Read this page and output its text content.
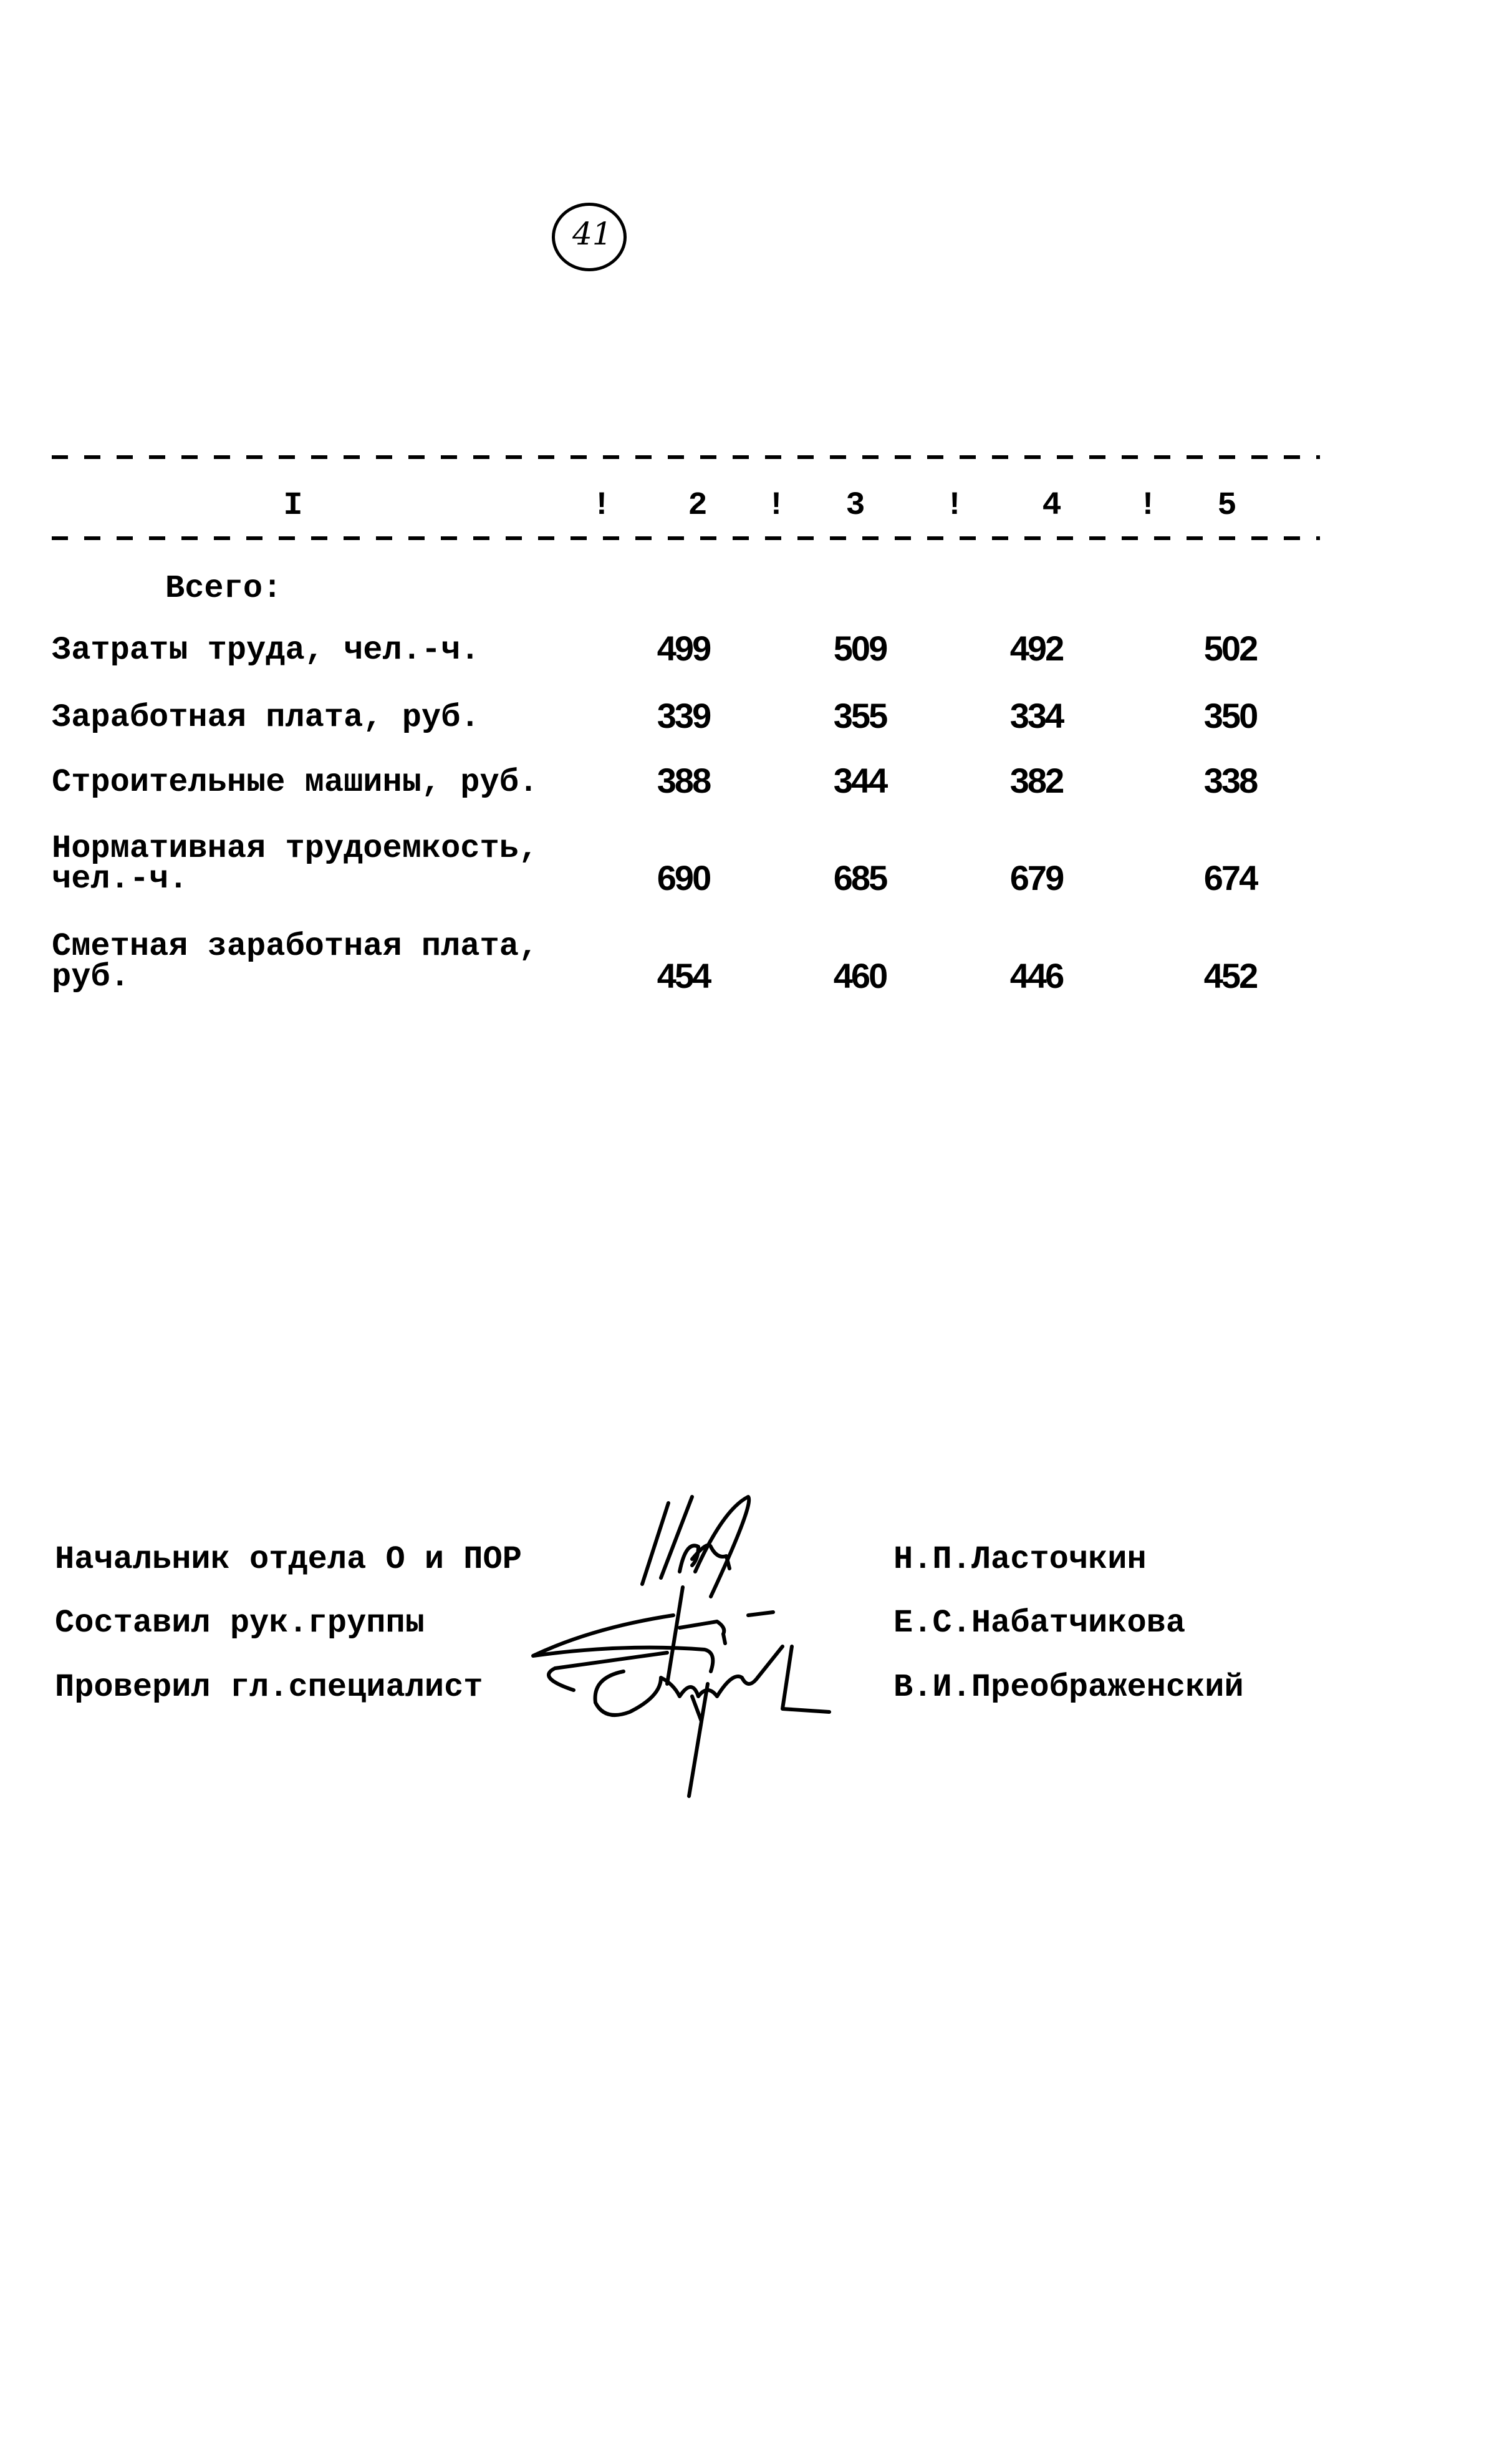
41
I	! 2 ! 3 ! 4 ! 5
Всего:
Затраты труда, чел.-ч.	499	509	492	502
Заработная плата, руб.	339	355	334	350
Строительные машины, руб.	388	344	382	338
Нормативная трудоемкость,
чел.-ч.	690	685	679	674
Сметная заработная плата,
руб.	454	460	446	452
Начальник отдела О и ПОР	Н.П.Ласточкин
Составил рук.группы	Е.С.Набатчикова
Проверил гл.специалист	В.И.Преображенский
